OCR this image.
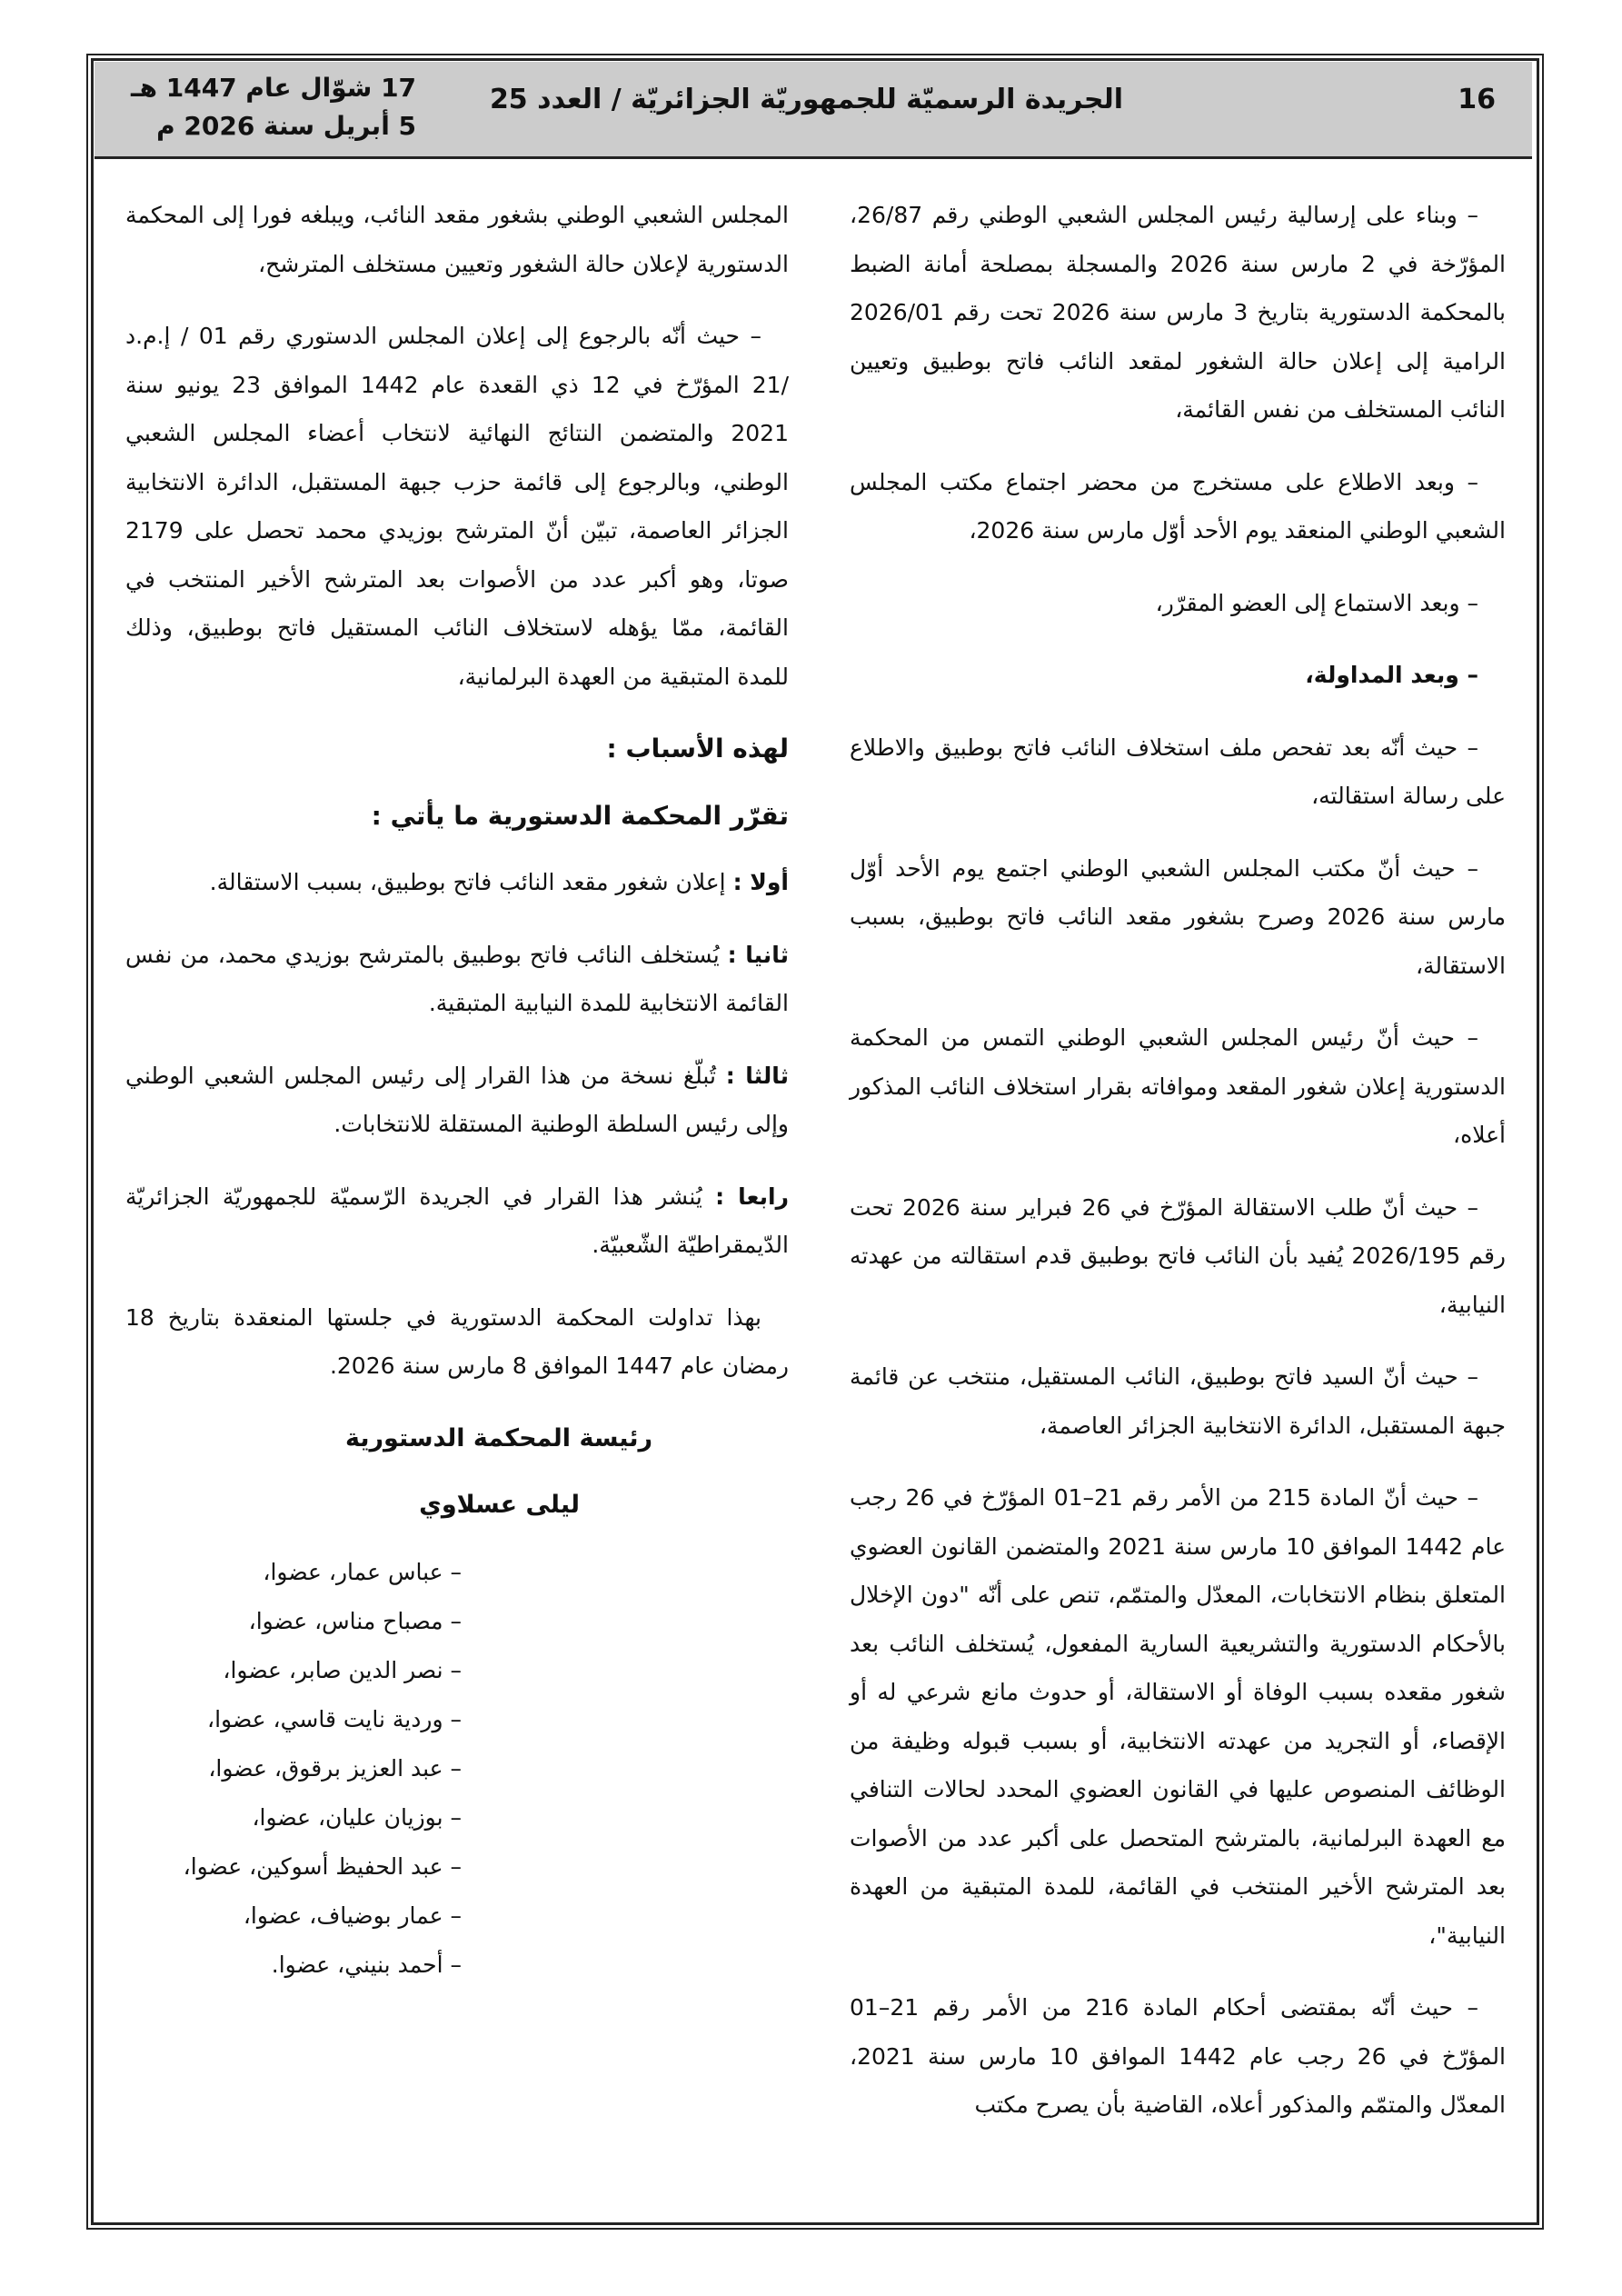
16
الجريدة الرسميّة للجمهوريّة الجزائريّة / العدد 25
17 شوّال عام 1447 هـ
5 أبريل سنة 2026 م

– وبناء على إرسالية رئيس المجلس الشعبي الوطني رقم 26/87، المؤرّخة في 2 مارس سنة 2026 والمسجلة بمصلحة أمانة الضبط بالمحكمة الدستورية بتاريخ 3 مارس سنة 2026 تحت رقم 2026/01 الرامية إلى إعلان حالة الشغور لمقعد النائب فاتح بوطبيق وتعيين النائب المستخلف من نفس القائمة،

– وبعد الاطلاع على مستخرج من محضر اجتماع مكتب المجلس الشعبي الوطني المنعقد يوم الأحد أوّل مارس سنة 2026،

– وبعد الاستماع إلى العضو المقرّر،

– وبعد المداولة،

– حيث أنّه بعد تفحص ملف استخلاف النائب فاتح بوطبيق والاطلاع على رسالة استقالته،

– حيث أنّ مكتب المجلس الشعبي الوطني اجتمع يوم الأحد أوّل مارس سنة 2026 وصرح بشغور مقعد النائب فاتح بوطبيق، بسبب الاستقالة،

– حيث أنّ رئيس المجلس الشعبي الوطني التمس من المحكمة الدستورية إعلان شغور المقعد وموافاته بقرار استخلاف النائب المذكور أعلاه،

– حيث أنّ طلب الاستقالة المؤرّخ في 26 فبراير سنة 2026 تحت رقم 2026/195 يُفيد بأن النائب فاتح بوطبيق قدم استقالته من عهدته النيابية،

– حيث أنّ السيد فاتح بوطبيق، النائب المستقيل، منتخب عن قائمة جبهة المستقبل، الدائرة الانتخابية الجزائر العاصمة،

– حيث أنّ المادة 215 من الأمر رقم 21–01 المؤرّخ في 26 رجب عام 1442 الموافق 10 مارس سنة 2021 والمتضمن القانون العضوي المتعلق بنظام الانتخابات، المعدّل والمتمّم، تنص على أنّه "دون الإخلال بالأحكام الدستورية والتشريعية السارية المفعول، يُستخلف النائب بعد شغور مقعده بسبب الوفاة أو الاستقالة، أو حدوث مانع شرعي له أو الإقصاء، أو التجريد من عهدته الانتخابية، أو بسبب قبوله وظيفة من الوظائف المنصوص عليها في القانون العضوي المحدد لحالات التنافي مع العهدة البرلمانية، بالمترشح المتحصل على أكبر عدد من الأصوات بعد المترشح الأخير المنتخب في القائمة، للمدة المتبقية من العهدة النيابية"،

– حيث أنّه بمقتضى أحكام المادة 216 من الأمر رقم 21–01 المؤرّخ في 26 رجب عام 1442 الموافق 10 مارس سنة 2021، المعدّل والمتمّم والمذكور أعلاه، القاضية بأن يصرح مكتب

المجلس الشعبي الوطني بشغور مقعد النائب، ويبلغه فورا إلى المحكمة الدستورية لإعلان حالة الشغور وتعيين مستخلف المترشح،

– حيث أنّه بالرجوع إلى إعلان المجلس الدستوري رقم 01 / إ.م.د /21 المؤرّخ في 12 ذي القعدة عام 1442 الموافق 23 يونيو سنة 2021 والمتضمن النتائج النهائية لانتخاب أعضاء المجلس الشعبي الوطني، وبالرجوع إلى قائمة حزب جبهة المستقبل، الدائرة الانتخابية الجزائر العاصمة، تبيّن أنّ المترشح بوزيدي محمد تحصل على 2179 صوتا، وهو أكبر عدد من الأصوات بعد المترشح الأخير المنتخب في القائمة، ممّا يؤهله لاستخلاف النائب المستقيل فاتح بوطبيق، وذلك للمدة المتبقية من العهدة البرلمانية،

لهذه الأسباب :
تقرّر المحكمة الدستورية ما يأتي :

أولا : إعلان شغور مقعد النائب فاتح بوطبيق، بسبب الاستقالة.

ثانيا : يُستخلف النائب فاتح بوطبيق بالمترشح بوزيدي محمد، من نفس القائمة الانتخابية للمدة النيابية المتبقية.

ثالثا : تُبلّغ نسخة من هذا القرار إلى رئيس المجلس الشعبي الوطني وإلى رئيس السلطة الوطنية المستقلة للانتخابات.

رابعا : يُنشر هذا القرار في الجريدة الرّسميّة للجمهوريّة الجزائريّة الدّيمقراطيّة الشّعبيّة.

بهذا تداولت المحكمة الدستورية في جلستها المنعقدة بتاريخ 18 رمضان عام 1447 الموافق 8 مارس سنة 2026.

رئيسة المحكمة الدستورية
ليلى عسلاوي
– عباس عمار، عضوا،
– مصباح مناس، عضوا،
– نصر الدين صابر، عضوا،
– وردية نايت قاسي، عضوا،
– عبد العزيز برقوق، عضوا،
– بوزيان عليان، عضوا،
– عبد الحفيظ أسوكين، عضوا،
– عمار بوضياف، عضوا،
– أحمد بنيني، عضوا.
